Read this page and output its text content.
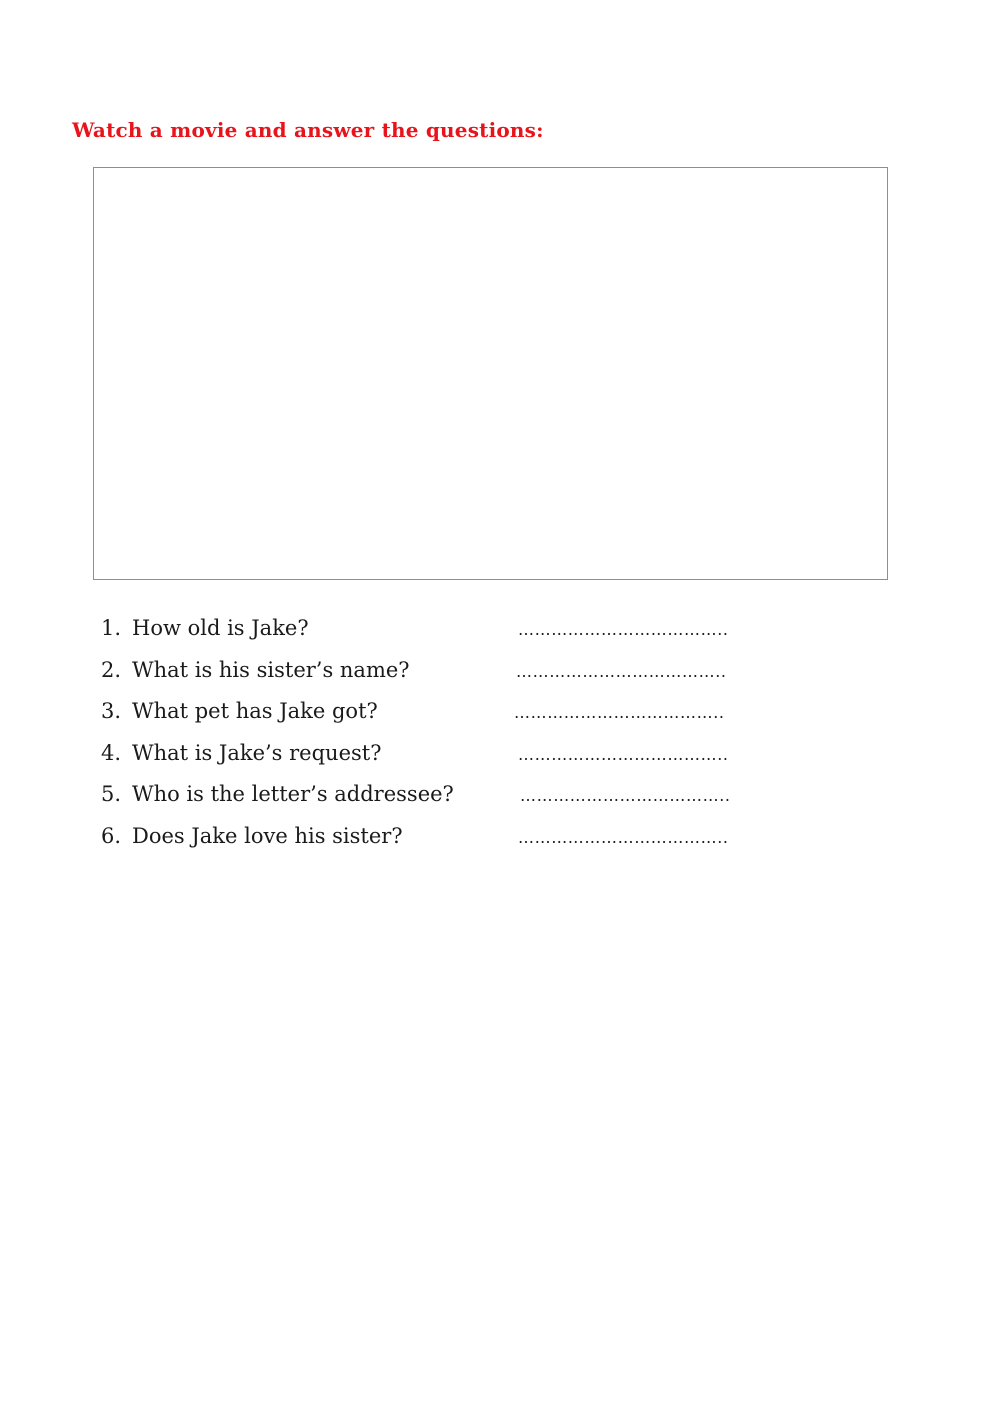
Watch a movie and answer the questions:
1. How old is Jake?	………………………………..
2. What is his sister’s name?	………………………………..
3. What pet has Jake got?	………………………………..
4. What is Jake’s request?	………………………………..
5. Who is the letter’s addressee?	………………………………..
6. Does Jake love his sister?	………………………………..
